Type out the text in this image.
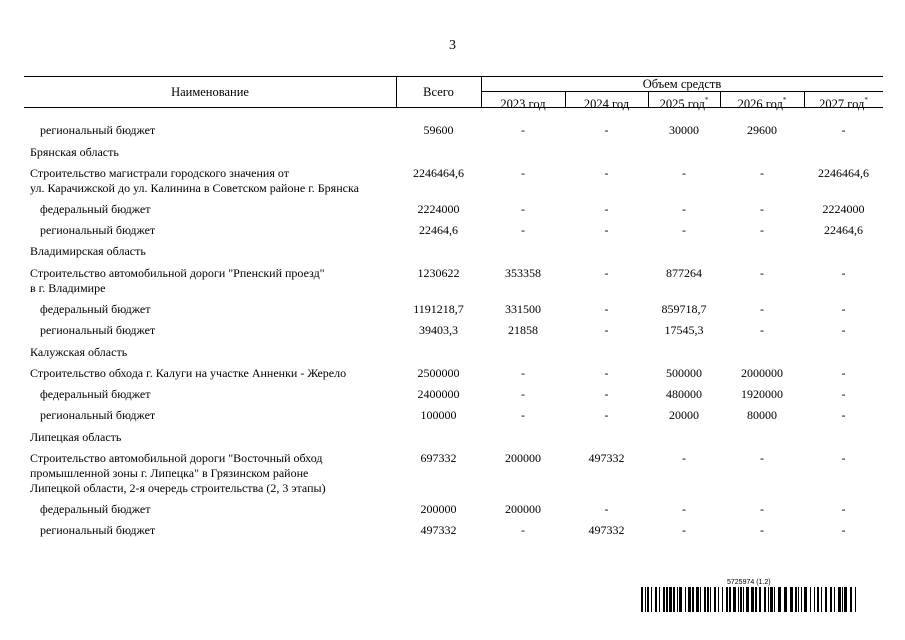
3
Наименование	Всего
Объем средств
2023 год	2024 год	2025 год*	2026 год*	2027 год*
региональный бюджет	59600	-	-	30000	29600	-
Брянская область
Строительство магистрали городского значения от
ул. Карачижской до ул. Калинина в Советском районе г. Брянска
2246464,6	-	-	-	-	2246464,6
федеральный бюджет	2224000	-	-	-	-	2224000
региональный бюджет	22464,6	-	-	-	-	22464,6
Владимирская область
Строительство автомобильной дороги "Рпенский проезд"
в г. Владимире
1230622	353358	-	877264	-	-
федеральный бюджет	1191218,7	331500	-	859718,7	-	-
региональный бюджет	39403,3	21858	-	17545,3	-	-
Калужская область
Строительство обхода г. Калуги на участке Анненки - Жерело	2500000	-	-	500000	2000000	-
федеральный бюджет	2400000	-	-	480000	1920000	-
региональный бюджет	100000	-	-	20000	80000	-
Липецкая область
Строительство автомобильной дороги "Восточный обход
промышленной зоны г. Липецка" в Грязинском районе
Липецкой области, 2-я очередь строительства (2, 3 этапы)
697332	200000	497332	-	-	-
федеральный бюджет	200000	200000	-	-	-	-
региональный бюджет	497332	-	497332	-	-	-
5725974 (1.2)
